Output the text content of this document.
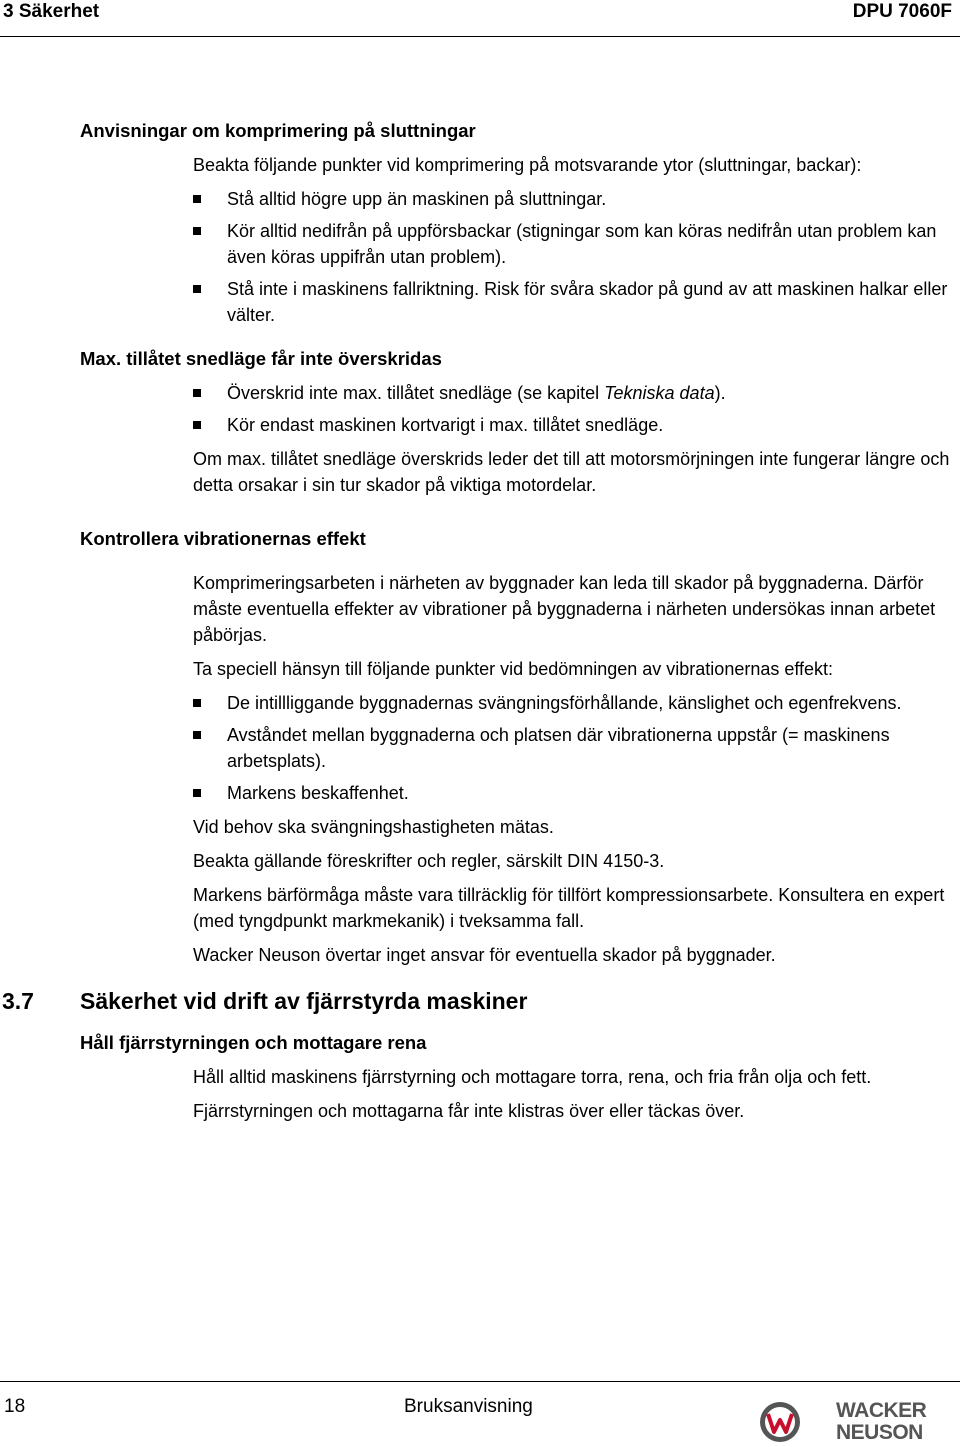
3 Säkerhet	DPU 7060F
Anvisningar om komprimering på sluttningar

Beakta följande punkter vid komprimering på motsvarande ytor (sluttningar, backar):

Stå alltid högre upp än maskinen på sluttningar.
Kör alltid nedifrån på uppförsbackar (stigningar som kan köras nedifrån utan problem kan även köras uppifrån utan problem).
Stå inte i maskinens fallriktning. Risk för svåra skador på gund av att maskinen halkar eller välter.
Max. tillåtet snedläge får inte överskridas
Överskrid inte max. tillåtet snedläge (se kapitel Tekniska data).
Kör endast maskinen kortvarigt i max. tillåtet snedläge.

Om max. tillåtet snedläge överskrids leder det till att motorsmörjningen inte fungerar längre och detta orsakar i sin tur skador på viktiga motordelar.

Kontrollera vibrationernas effekt

Komprimeringsarbeten i närheten av byggnader kan leda till skador på byggnaderna. Därför måste eventuella effekter av vibrationer på byggnaderna i närheten undersökas innan arbetet påbörjas.

Ta speciell hänsyn till följande punkter vid bedömningen av vibrationernas effekt:

De intillliggande byggnadernas svängningsförhållande, känslighet och egenfrekvens.
Avståndet mellan byggnaderna och platsen där vibrationerna uppstår (= maskinens arbetsplats).
Markens beskaffenhet.

Vid behov ska svängningshastigheten mätas.

Beakta gällande föreskrifter och regler, särskilt DIN 4150-3.

Markens bärförmåga måste vara tillräcklig för tillfört kompressionsarbete. Konsultera en expert (med tyngdpunkt markmekanik) i tveksamma fall.

Wacker Neuson övertar inget ansvar för eventuella skador på byggnader.

3.7 Säkerhet vid drift av fjärrstyrda maskiner
Håll fjärrstyrningen och mottagare rena

Håll alltid maskinens fjärrstyrning och mottagare torra, rena, och fria från olja och fett.

Fjärrstyrningen och mottagarna får inte klistras över eller täckas över.

18	Bruksanvisning	WACKER
NEUSON
